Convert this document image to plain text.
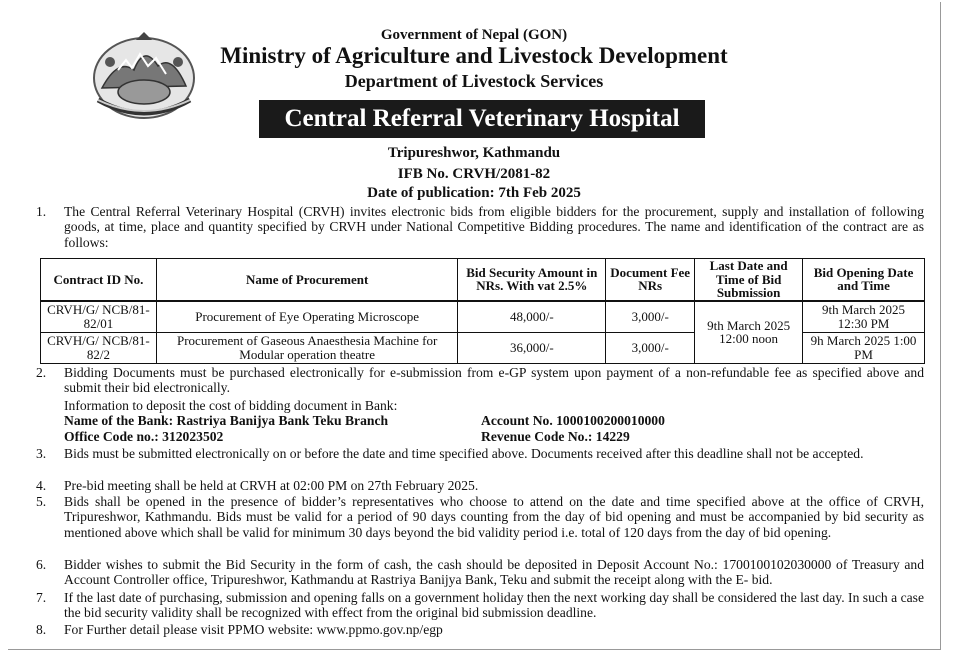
Government of Nepal (GON)
Ministry of Agriculture and Livestock Development
Department of Livestock Services
Central Referral Veterinary Hospital
Tripureshwor, Kathmandu
IFB No. CRVH/2081-82
Date of publication: 7th Feb 2025
1.	The Central Referral Veterinary Hospital (CRVH) invites electronic bids from eligible bidders for the procurement, supply and installation of following goods, at time, place and quantity specified by CRVH under National Competitive Bidding procedures. The name and identification of the contract are as follows:
Contract ID No.	Name of Procurement	Bid Security Amount in NRs. With vat 2.5%	Document Fee NRs	Last Date and Time of Bid Submission	Bid Opening Date and Time
CRVH/G/ NCB/81-82/01	Procurement of Eye Operating Microscope	48,000/-	3,000/-	9th March 2025 12:00 noon	9th March 2025 12:30 PM
CRVH/G/ NCB/81-82/2	Procurement of Gaseous Anaesthesia Machine for Modular operation theatre	36,000/-	3,000/-		9h March 2025 1:00 PM
2.	Bidding Documents must be purchased electronically for e-submission from e-GP system upon payment of a non-refundable fee as specified above and submit their bid electronically.
Information to deposit the cost of bidding document in Bank:
Name of the Bank: Rastriya Banijya Bank Teku Branch	Account No. 1000100200010000
Office Code no.: 312023502	Revenue Code No.: 14229
3.	Bids must be submitted electronically on or before the date and time specified above. Documents received after this deadline shall not be accepted.
4.	Pre-bid meeting shall be held at CRVH at 02:00 PM on 27th February 2025.
5.	Bids shall be opened in the presence of bidder’s representatives who choose to attend on the date and time specified above at the office of CRVH, Tripureshwor, Kathmandu. Bids must be valid for a period of 90 days counting from the day of bid opening and must be accompanied by bid security as mentioned above which shall be valid for minimum 30 days beyond the bid validity period i.e. total of 120 days from the day of bid opening.
6.	Bidder wishes to submit the Bid Security in the form of cash, the cash should be deposited in Deposit Account No.: 1700100102030000 of Treasury and Account Controller office, Tripureshwor, Kathmandu at Rastriya Banijya Bank, Teku and submit the receipt along with the E- bid.
7.	If the last date of purchasing, submission and opening falls on a government holiday then the next working day shall be considered the last day. In such a case the bid security validity shall be recognized with effect from the original bid submission deadline.
8.	For Further detail please visit PPMO website: www.ppmo.gov.np/egp
